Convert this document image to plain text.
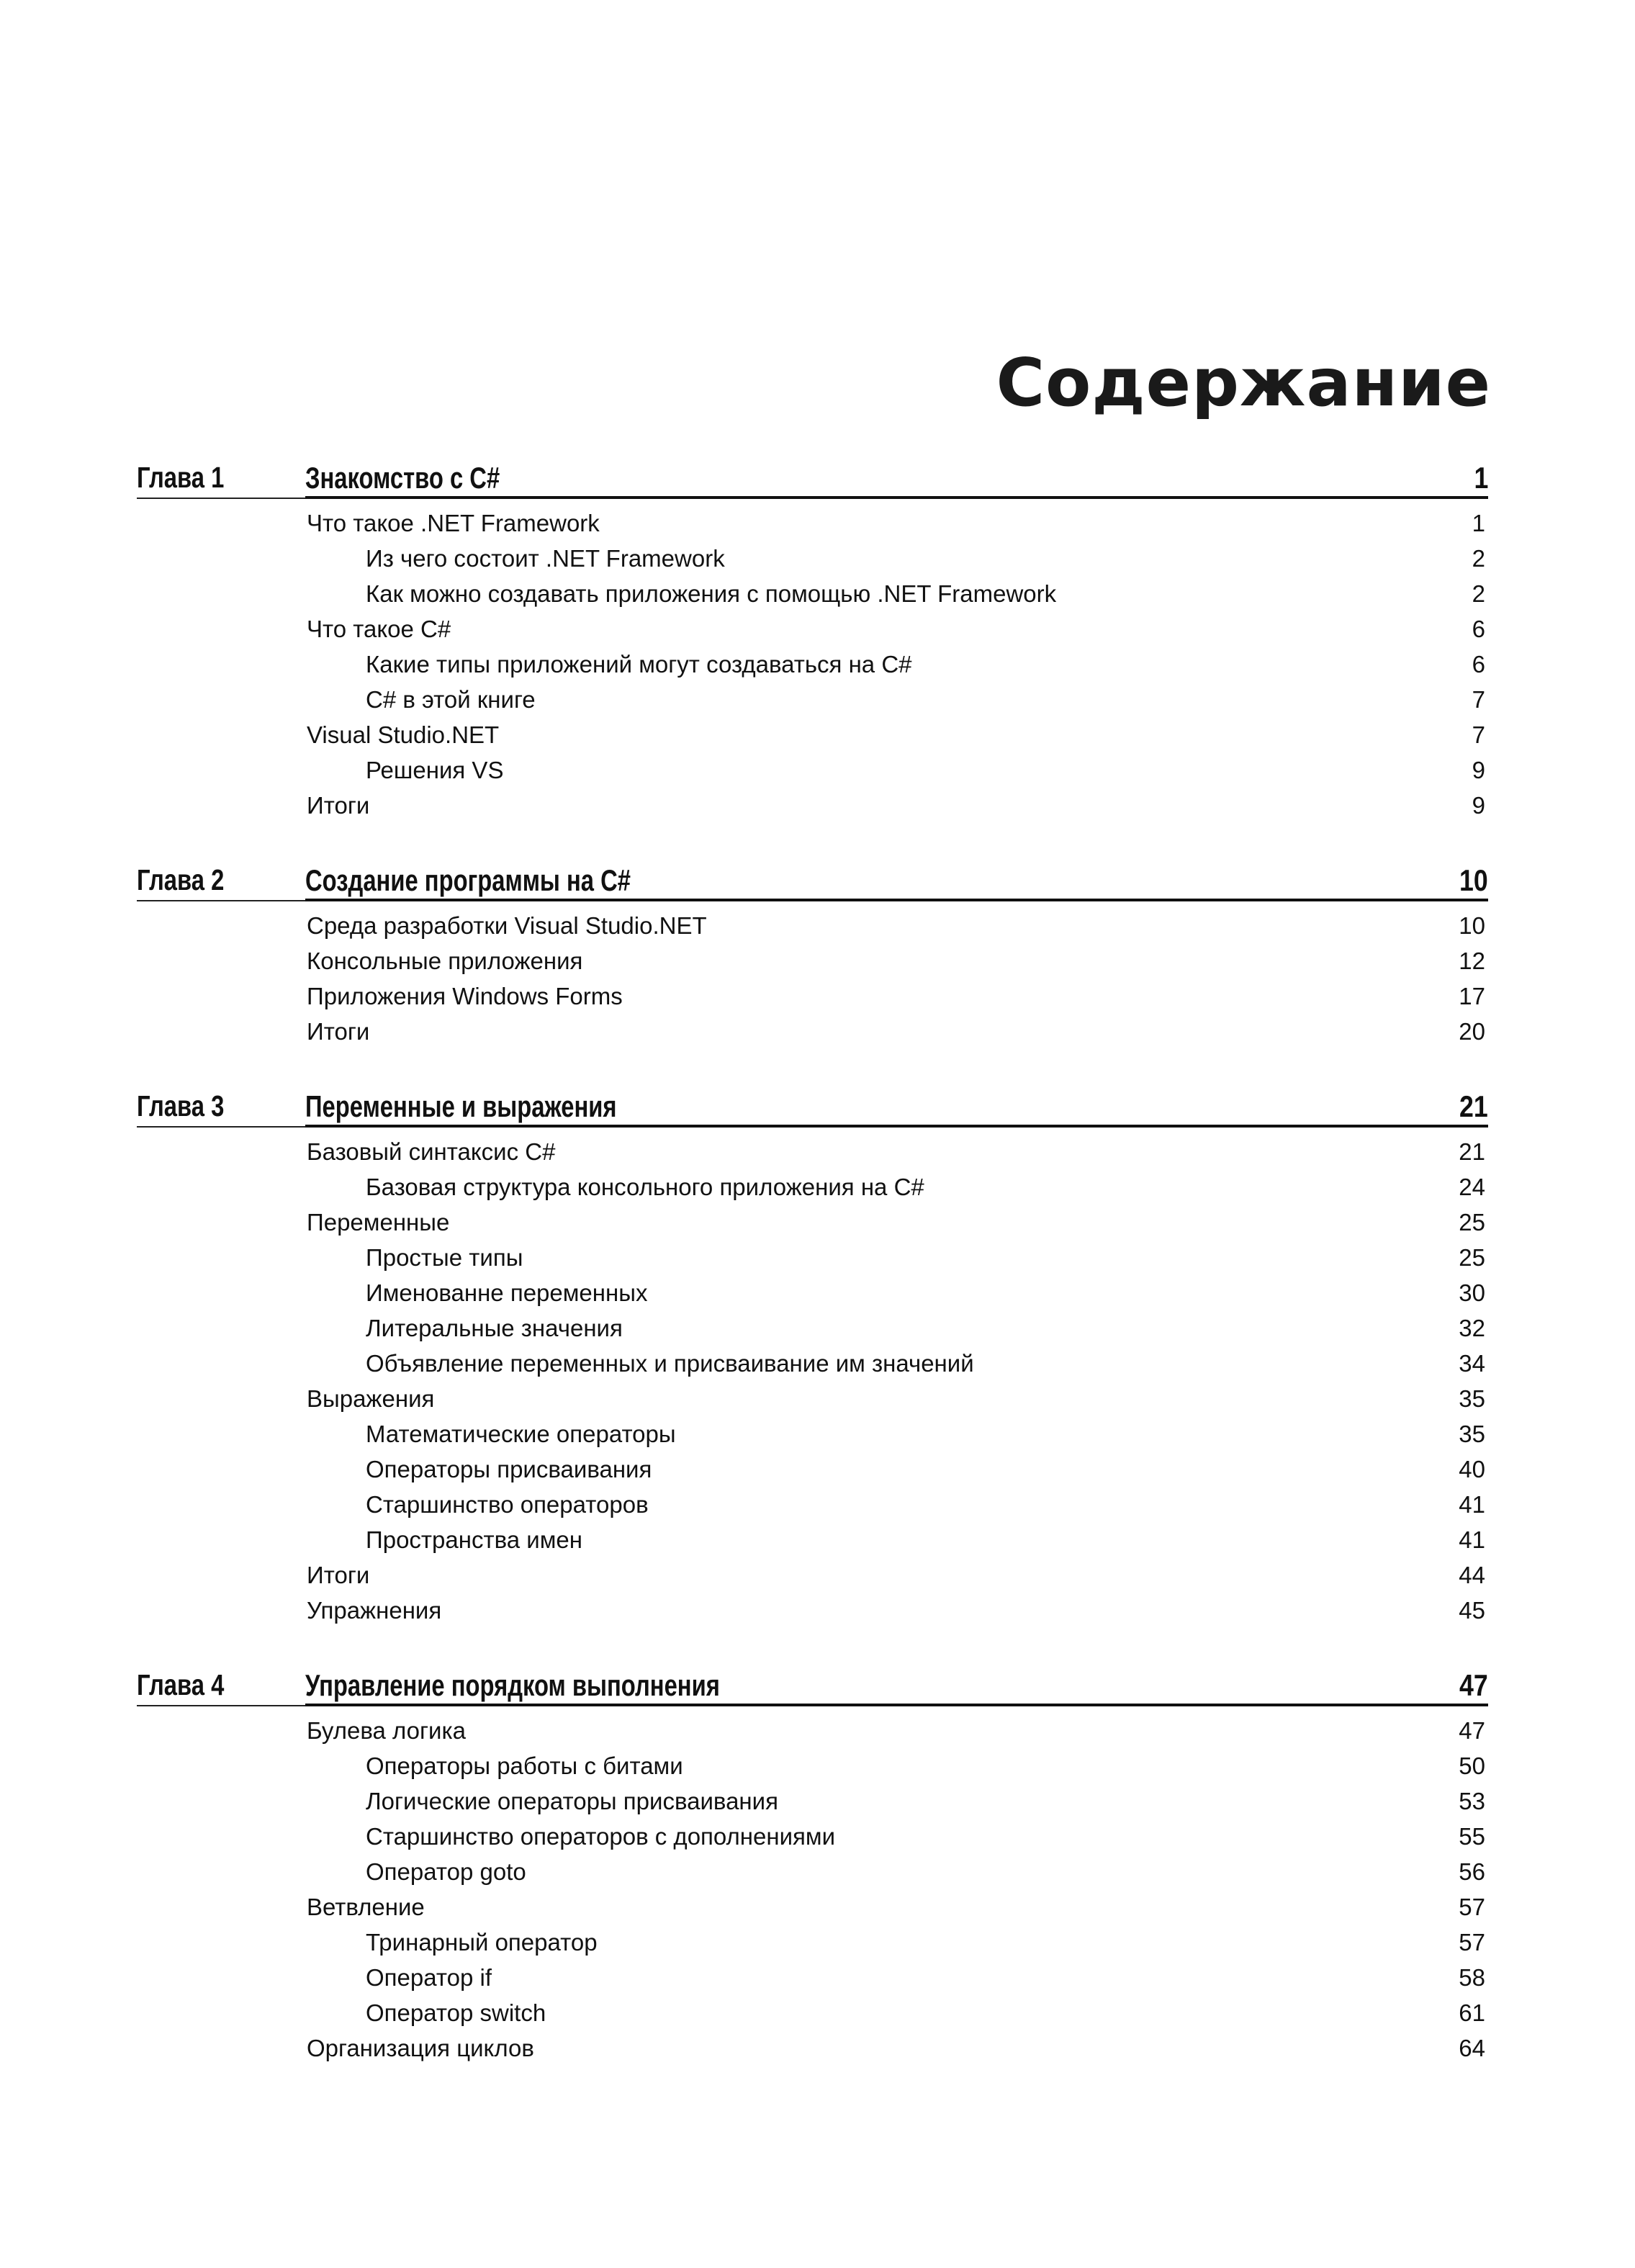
Содержание
Глава 1	Знакомство с C#	1
Что такое .NET Framework	1
Из чего состоит .NET Framework	2
Как можно создавать приложения с помощью .NET Framework	2
Что такое C#	6
Какие типы приложений могут создаваться на C#	6
C# в этой книге	7
Visual Studio.NET	7
Решения VS	9
Итоги	9
Глава 2	Создание программы на C#	10
Среда разработки Visual Studio.NET	10
Консольные приложения	12
Приложения Windows Forms	17
Итоги	20
Глава 3	Переменные и выражения	21
Базовый синтаксис C#	21
Базовая структура консольного приложения на C#	24
Переменные	25
Простые типы	25
Именованне переменных	30
Литеральные значения	32
Объявление переменных и присваивание им значений	34
Выражения	35
Математические операторы	35
Операторы присваивания	40
Старшинство операторов	41
Пространства имен	41
Итоги	44
Упражнения	45
Глава 4	Управление порядком выполнения	47
Булева логика	47
Операторы работы с битами	50
Логические операторы присваивания	53
Старшинство операторов с дополнениями	55
Оператор goto	56
Ветвление	57
Тринарный оператор	57
Оператор if	58
Оператор switch	61
Организация циклов	64
